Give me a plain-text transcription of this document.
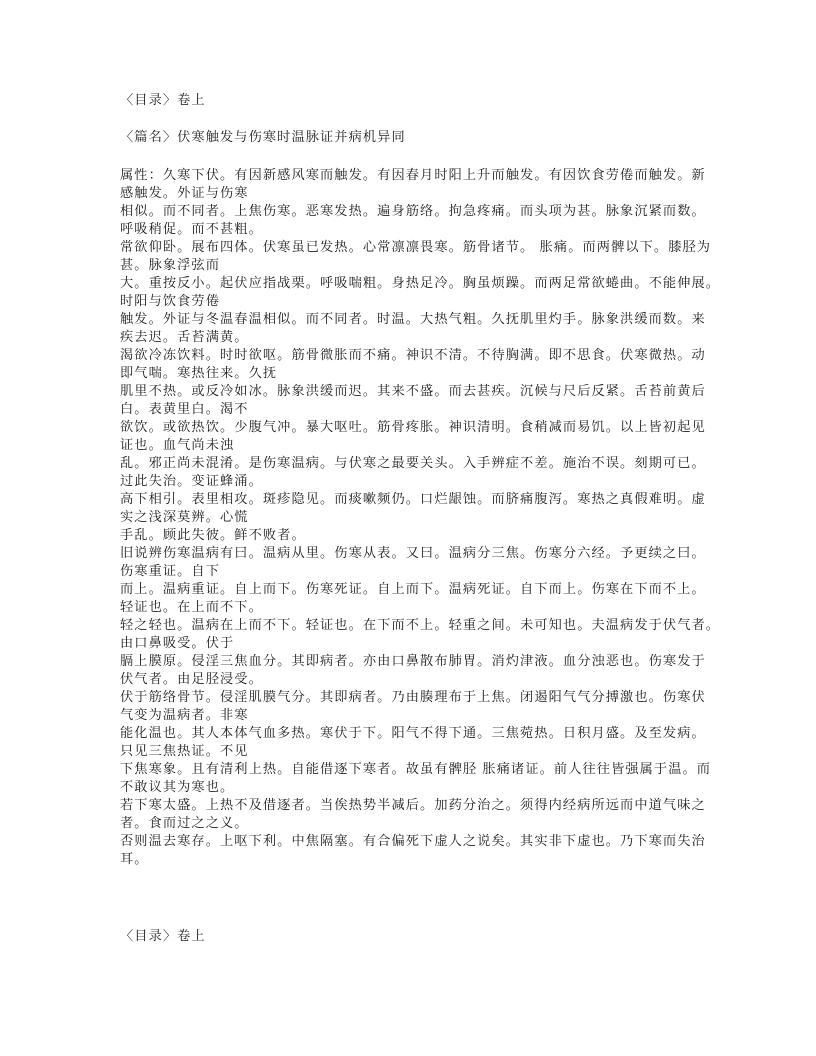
〈目录〉卷上
〈篇名〉伏寒触发与伤寒时温脉证并病机异同
属性：久寒下伏。有因新感风寒而触发。有因春月时阳上升而触发。有因饮食劳倦而触发。新
感触发。外证与伤寒
相似。而不同者。上焦伤寒。恶寒发热。遍身筋络。拘急疼痛。而头项为甚。脉象沉紧而数。
呼吸稍促。而不甚粗。
常欲仰卧。展布四体。伏寒虽已发热。心常凛凛畏寒。筋骨诸节。 胀痛。而两髀以下。膝胫为
甚。脉象浮弦而
大。重按反小。起伏应指战栗。呼吸喘粗。身热足冷。胸虽烦躁。而两足常欲蜷曲。不能伸展。
时阳与饮食劳倦
触发。外证与冬温春温相似。而不同者。时温。大热气粗。久抚肌里灼手。脉象洪缓而数。来
疾去迟。舌苔满黄。
渴欲冷冻饮料。时时欲呕。筋骨微胀而不痛。神识不清。不待胸满。即不思食。伏寒微热。动
即气喘。寒热往来。久抚
肌里不热。或反冷如冰。脉象洪缓而迟。其来不盛。而去甚疾。沉候与尺后反紧。舌苔前黄后
白。表黄里白。渴不
欲饮。或欲热饮。少腹气冲。暴大呕吐。筋骨疼胀。神识清明。食稍减而易饥。以上皆初起见
证也。血气尚未浊
乱。邪正尚未混淆。是伤寒温病。与伏寒之最要关头。入手辨症不差。施治不误。刻期可已。
过此失治。变证蜂涌。
高下相引。表里相攻。斑疹隐见。而痰嗽频仍。口烂龈蚀。而脐痛腹泻。寒热之真假难明。虚
实之浅深莫辨。心慌
手乱。顾此失彼。鲜不败者。
旧说辨伤寒温病有曰。温病从里。伤寒从表。又曰。温病分三焦。伤寒分六经。予更续之曰。
伤寒重证。自下
而上。温病重证。自上而下。伤寒死证。自上而下。温病死证。自下而上。伤寒在下而不上。
轻证也。在上而不下。
轻之轻也。温病在上而不下。轻证也。在下而不上。轻重之间。未可知也。夫温病发于伏气者。
由口鼻吸受。伏于
膈上膜原。侵淫三焦血分。其即病者。亦由口鼻散布肺胃。消灼津液。血分浊恶也。伤寒发于
伏气者。由足胫浸受。
伏于筋络骨节。侵淫肌膜气分。其即病者。乃由腠理布于上焦。闭遏阳气气分搏激也。伤寒伏
气变为温病者。非寒
能化温也。其人本体气血多热。寒伏于下。阳气不得下通。三焦菀热。日积月盛。及至发病。
只见三焦热证。不见
下焦寒象。且有清利上热。自能借逐下寒者。故虽有髀胫 胀痛诸证。前人往往皆强属于温。而
不敢议其为寒也。
若下寒太盛。上热不及借逐者。当俟热势半减后。加药分治之。须得内经病所远而中道气味之
者。食而过之之义。
否则温去寒存。上呕下利。中焦隔塞。有合偏死下虚人之说矣。其实非下虚也。乃下寒而失治
耳。
〈目录〉卷上
